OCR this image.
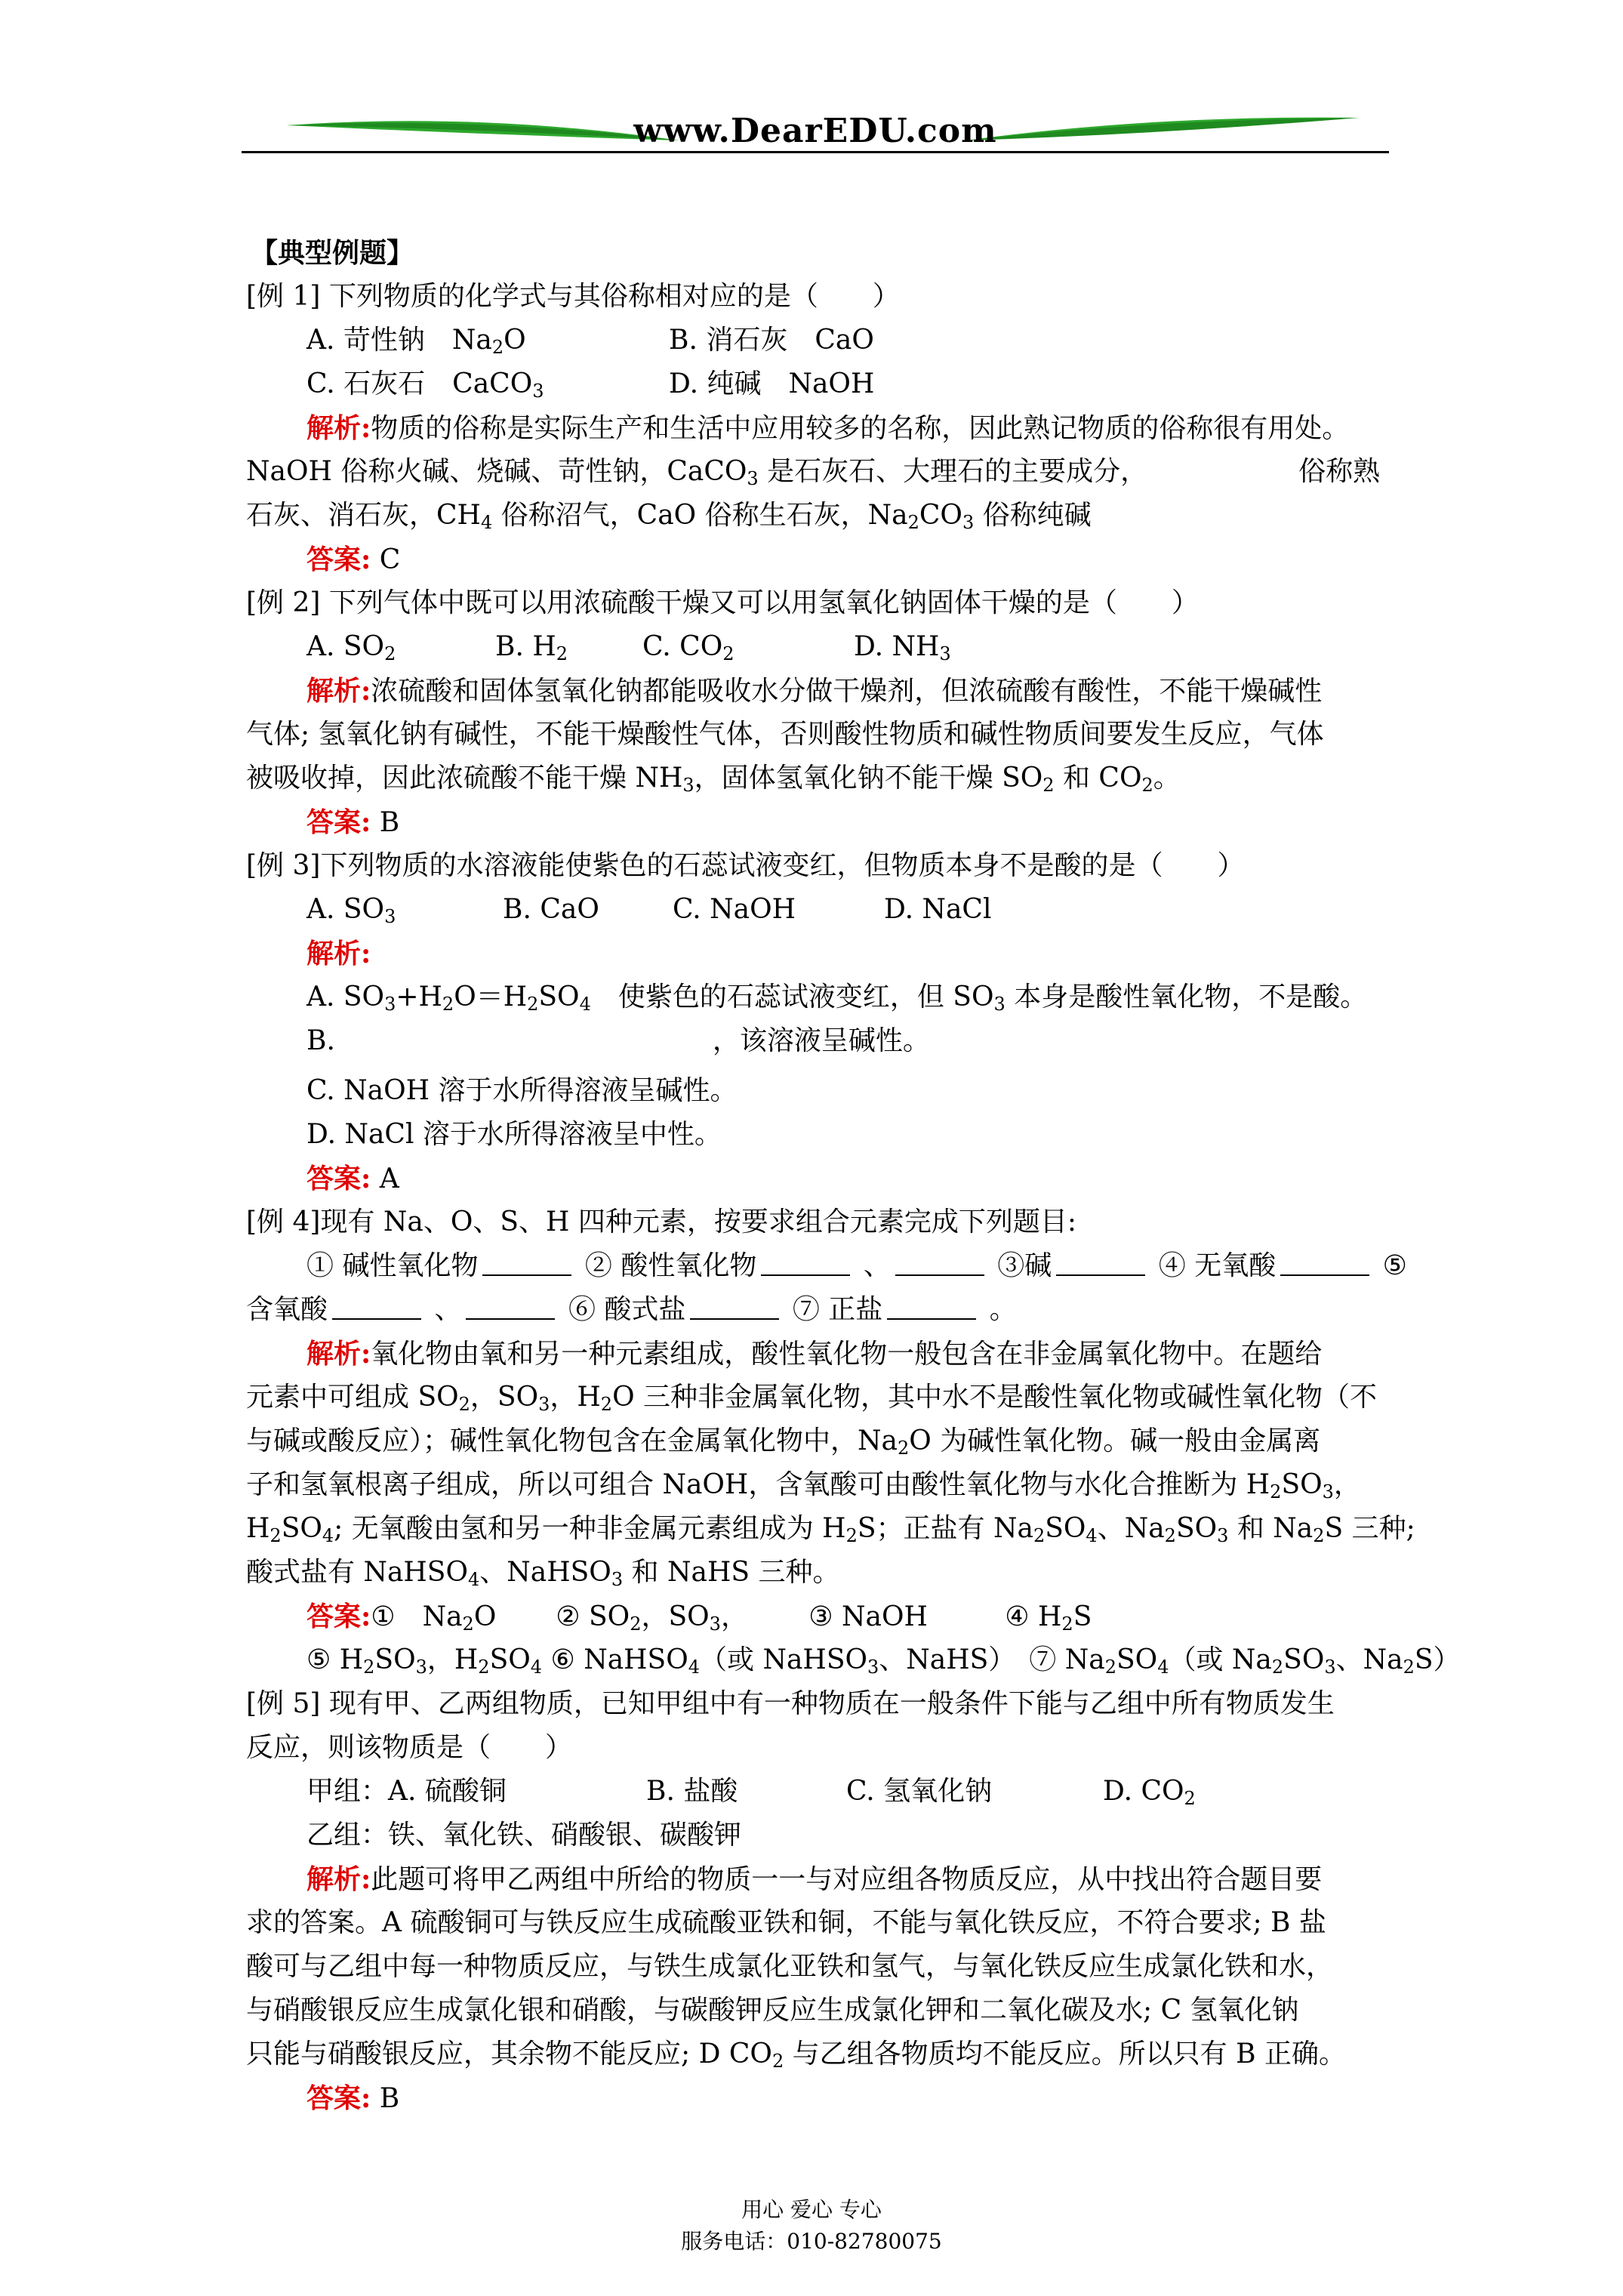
www.DearEDU.com
【典型例题】
[例 1] 下列物质的化学式与其俗称相对应的是（　　）
A. 苛性钠　$Na_2O$	B. 消石灰　CaO
C. 石灰石　CaCO$_3$	D. 纯碱　NaOH
解析:物质的俗称是实际生产和生活中应用较多的名称，因此熟记物质的俗称很有用处。
NaOH 俗称火碱、烧碱、苛性钠，CaCO$_3$ 是石灰石、大理石的主要成分，	俗称熟
石灰、消石灰，$CH_4$ 俗称沼气，CaO 俗称生石灰，$Na_2CO_3$ 俗称纯碱
答案: C
[例 2] 下列气体中既可以用浓硫酸干燥又可以用氢氧化钠固体干燥的是（　　）
A. $SO_2$	B. $H_2$	C. $CO_2$	D. $NH_3$
解析:浓硫酸和固体氢氧化钠都能吸收水分做干燥剂，但浓硫酸有酸性，不能干燥碱性
气体; 氢氧化钠有碱性，不能干燥酸性气体，否则酸性物质和碱性物质间要发生反应，气体
被吸收掉，因此浓硫酸不能干燥 $NH_3$，固体氢氧化钠不能干燥 $SO_2$ 和 $CO_2$。
答案: B
[例 3]下列物质的水溶液能使紫色的石蕊试液变红，但物质本身不是酸的是（　　）
A. $SO_3$	B. CaO	C. NaOH	D. NaCl
解析:
A. $SO_3+H_2O=H_2SO_4$　使紫色的石蕊试液变红，但 $SO_3$ 本身是酸性氧化物，不是酸。
B.	，该溶液呈碱性。
C. NaOH 溶于水所得溶液呈碱性。
D. NaCl 溶于水所得溶液呈中性。
答案: A
[例 4]现有 Na、O、S、H 四种元素，按要求组合元素完成下列题目:
① 碱性氧化物	② 酸性氧化物	、	③碱	④ 无氧酸	⑤
含氧酸	、	⑥ 酸式盐	⑦ 正盐	。
解析:氧化物由氧和另一种元素组成，酸性氧化物一般包含在非金属氧化物中。在题给
元素中可组成 $SO_2$，$SO_3$，$H_2O$ 三种非金属氧化物，其中水不是酸性氧化物或碱性氧化物（不
与碱或酸反应）；碱性氧化物包含在金属氧化物中，$Na_2O$ 为碱性氧化物。碱一般由金属离
子和氢氧根离子组成，所以可组合 NaOH，含氧酸可由酸性氧化物与水化合推断为 $H_2SO_3$，
$H_2SO_4$; 无氧酸由氢和另一种非金属元素组成为 $H_2S$；正盐有 $Na_2SO_4$、$Na_2SO_3$ 和 $Na_2S$ 三种;
酸式盐有 NaHSO$_4$、NaHSO$_3$ 和 NaHS 三种。
答案:①　$Na_2O$ ② $SO_2$，$SO_3$， ③ NaOH	④ $H_2S$
⑤ $H_2SO_3$，$H_2SO_4$ ⑥ NaHSO$_4$（或 NaHSO$_3$、NaHS）　⑦ $Na_2SO_4$（或 $Na_2SO_3$、$Na_2S$）
[例 5] 现有甲、乙两组物质，已知甲组中有一种物质在一般条件下能与乙组中所有物质发生
反应，则该物质是（　　）
甲组：A. 硫酸铜	B. 盐酸	C. 氢氧化钠	D. $CO_2$
乙组：铁、氧化铁、硝酸银、碳酸钾
解析:此题可将甲乙两组中所给的物质一一与对应组各物质反应，从中找出符合题目要
求的答案。A 硫酸铜可与铁反应生成硫酸亚铁和铜，不能与氧化铁反应，不符合要求; B 盐
酸可与乙组中每一种物质反应，与铁生成氯化亚铁和氢气，与氧化铁反应生成氯化铁和水，
与硝酸银反应生成氯化银和硝酸，与碳酸钾反应生成氯化钾和二氧化碳及水; C 氢氧化钠
只能与硝酸银反应，其余物不能反应; D $CO_2$ 与乙组各物质均不能反应。所以只有 B 正确。
答案: B
用心 爱心 专心
服务电话：010-82780075
